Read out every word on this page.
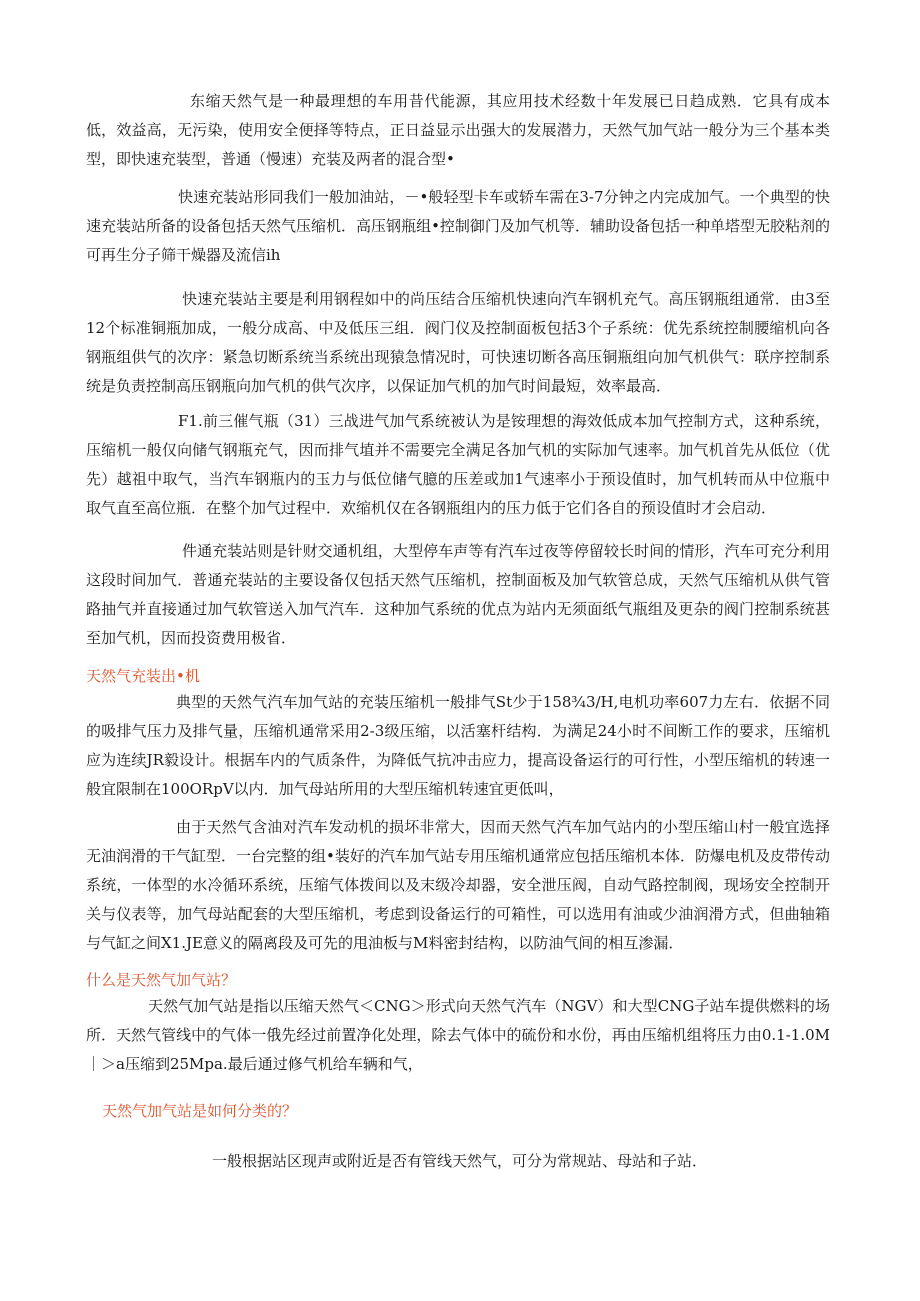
东缩天然气是一种最理想的车用昔代能源，其应用技术经数十年发展已日趋成熟．它具有成本低，效益高，无污染，使用安全便择等特点，正日益显示出强大的发展潜力，天然气加气站一般分为三个基本类型，即快速充装型，普通（慢速）充装及两者的混合型•

快速充装站形同我们一般加油站，－•般轻型卡车或轿车需在3-7分钟之内完成加气。一个典型的快速充装站所备的设备包括天然气压缩机．高压钢瓶组•控制御门及加气机等．辅助设备包括一种单塔型无胶粘剂的可再生分子筛干燥器及流信ih

快速充装站主要是利用钢程如中的尚压结合压缩机快速向汽车钢机充气。高压钢瓶组通常．由3至12个标准铜瓶加成，一般分成高、中及低压三组．阀门仪及控制面板包括3个子系统：优先系统控制腰缩机向各钢瓶组供气的次序：紧急切断系统当系统出现猿急情况时，可快速切断各高压铜瓶组向加气机供气：联序控制系统是负责控制高压钢瓶向加气机的供气次序，以保证加气机的加气时间最短，效率最高．

F1.前三催气瓶（31）三战进气加气系统被认为是铵理想的海效低成本加气控制方式，这种系统，压缩机一般仅向储气钢瓶充气，因而排气埴并不需要完全满足各加气机的实际加气速率。加气机首先从低位（优先）越祖中取气，当汽车钢瓶内的玉力与低位储气臆的压差或加1气速率小于预设值时，加气机转而从中位瓶中取气直至高位瓶．在整个加气过程中．欢缩机仅在各钢瓶组内的压力低于它们各自的预设值时才会启动．

件通充装站则是针财交通机组，大型停车声等有汽车过夜等停留较长时间的情形，汽车可充分利用这段时间加气．普通充装站的主要设备仅包括天然气压缩机，控制面板及加气软管总成，天然气压缩机从供气管路抽气并直接通过加气软管送入加气汽车．这种加气系统的优点为站内无须面纸气瓶组及更杂的阀门控制系统甚至加气机，因而投资费用极省．

天然气充装出•机

典型的天然气汽车加气站的充装压缩机一般排气St少于158¾3∕H,电机功率607力左右．依据不同的吸排气压力及排气量，压缩机通常采用2-3级压缩，以活塞杆结构．为满足24小时不间断工作的要求，压缩机应为连续JR毅设计。根据车内的气质条件，为降低气抗冲击应力，提高设备运行的可行性，小型压缩机的转速一般宜限制在100ORpV以内．加气母站所用的大型压缩机转速宜更低叫，

由于天然气含油对汽车发动机的损坏非常大，因而天然气汽车加气站内的小型压缩山村一般宜选择无油润滑的干气缸型．一台完整的组•装好的汽车加气站专用压缩机通常应包括压缩机本体．防爆电机及皮带传动系统，一体型的水冷循环系统，压缩气体拨间以及末级冷却器，安全泄压阀，自动气路控制阀，现场安全控制开关与仪表等，加气母站配套的大型压缩机，考虑到设备运行的可箱性，可以选用有油或少油润滑方式，但曲轴箱与气缸之间X1.JE意义的隔离段及可先的甩油板与M料密封结构，以防油气间的相互渗漏．

什么是天然气加气站？

天然气加气站是指以压缩天然气＜CNG＞形式向天然气汽车（NGV）和大型CNG子站车提供燃料的场所．天然气管线中的气体一俄先经过前置净化处理，除去气体中的硫份和水份，再由压缩机组将压力由0.1-1.0M｜＞a压缩到25Mpa.最后通过修气机给车辆和气，

天然气加气站是如何分类的？

一般根据站区现声或附近是否有管线天然气，可分为常规站、母站和子站．
